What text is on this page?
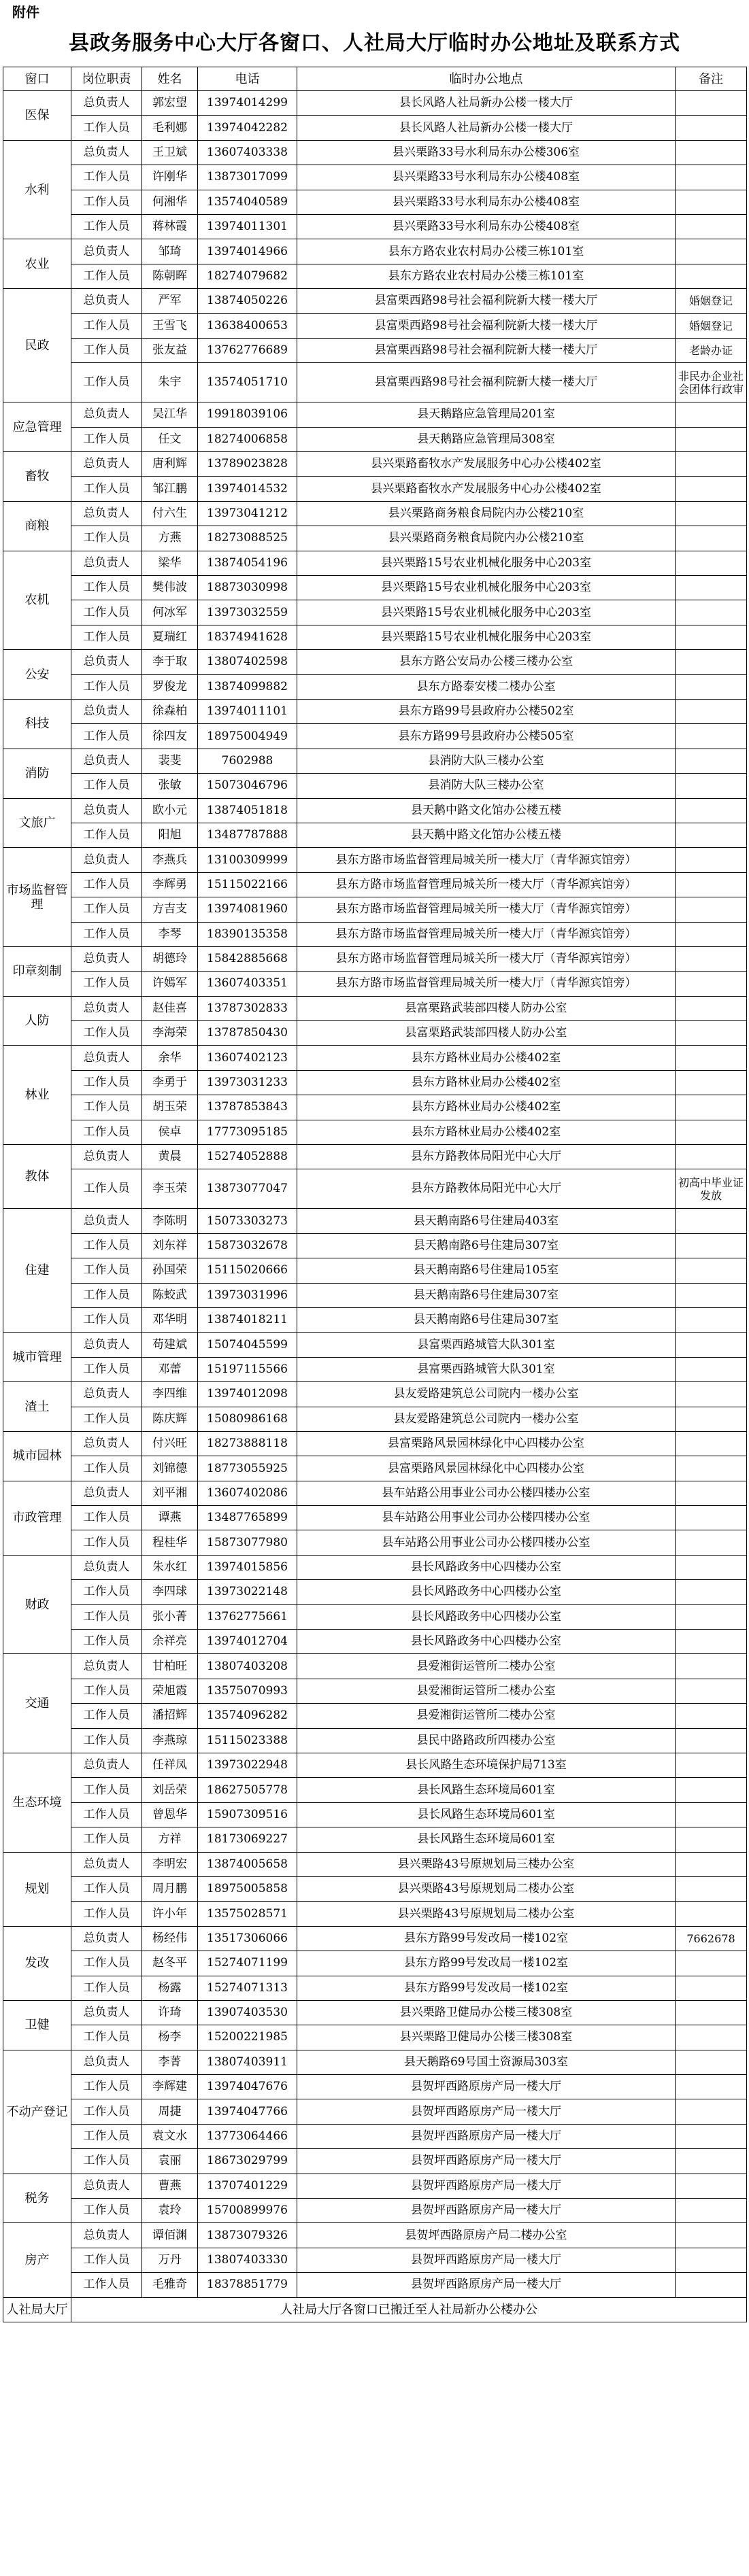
附件
县政务服务中心大厅各窗口、人社局大厅临时办公地址及联系方式
窗口	岗位职责	姓名	电话	临时办公地点	备注
医保	总负责人	郭宏望	13974014299	县长风路人社局新办公楼一楼大厅	
	工作人员	毛利娜	13974042282	县长风路人社局新办公楼一楼大厅	
水利	总负责人	王卫斌	13607403338	县兴栗路33号水利局东办公楼306室	
	工作人员	许刚华	13873017099	县兴栗路33号水利局东办公楼408室	
	工作人员	何湘华	13574040589	县兴栗路33号水利局东办公楼408室	
	工作人员	蒋林霞	13974011301	县兴栗路33号水利局东办公楼408室	
农业	总负责人	邹琦	13974014966	县东方路农业农村局办公楼三栋101室	
	工作人员	陈朝晖	18274079682	县东方路农业农村局办公楼三栋101室	
民政	总负责人	严军	13874050226	县富栗西路98号社会福利院新大楼一楼大厅	婚姻登记
	工作人员	王雪飞	13638400653	县富栗西路98号社会福利院新大楼一楼大厅	婚姻登记
	工作人员	张友益	13762776689	县富栗西路98号社会福利院新大楼一楼大厅	老龄办证
	工作人员	朱宇	13574051710	县富栗西路98号社会福利院新大楼一楼大厅	非民办企业社会团体行政审
应急管理	总负责人	吴江华	19918039106	县天鹅路应急管理局201室	
	工作人员	任文	18274006858	县天鹅路应急管理局308室	
畜牧	总负责人	唐利辉	13789023828	县兴栗路畜牧水产发展服务中心办公楼402室	
	工作人员	邹江鹏	13974014532	县兴栗路畜牧水产发展服务中心办公楼402室	
商粮	总负责人	付六生	13973041212	县兴栗路商务粮食局院内办公楼210室	
	工作人员	方燕	18273088525	县兴栗路商务粮食局院内办公楼210室	
农机	总负责人	梁华	13874054196	县兴栗路15号农业机械化服务中心203室	
	工作人员	樊伟波	18873030998	县兴栗路15号农业机械化服务中心203室	
	工作人员	何冰军	13973032559	县兴栗路15号农业机械化服务中心203室	
	工作人员	夏瑞红	18374941628	县兴栗路15号农业机械化服务中心203室	
公安	总负责人	李于取	13807402598	县东方路公安局办公楼三楼办公室	
	工作人员	罗俊龙	13874099882	县东方路泰安楼二楼办公室	
科技	总负责人	徐森柏	13974011101	县东方路99号县政府办公楼502室	
	工作人员	徐四友	18975004949	县东方路99号县政府办公楼505室	
消防	总负责人	裴斐	7602988	县消防大队三楼办公室	
	工作人员	张敏	15073046796	县消防大队三楼办公室	
文旅广	总负责人	欧小元	13874051818	县天鹅中路文化馆办公楼五楼	
	工作人员	阳旭	13487787888	县天鹅中路文化馆办公楼五楼	
市场监督管理	总负责人	李燕兵	13100309999	县东方路市场监督管理局城关所一楼大厅（青华源宾馆旁）	
	工作人员	李辉勇	15115022166	县东方路市场监督管理局城关所一楼大厅（青华源宾馆旁）	
	工作人员	方吉支	13974081960	县东方路市场监督管理局城关所一楼大厅（青华源宾馆旁）	
	工作人员	李琴	18390135358	县东方路市场监督管理局城关所一楼大厅（青华源宾馆旁）	
印章刻制	总负责人	胡德玲	15842885668	县东方路市场监督管理局城关所一楼大厅（青华源宾馆旁）	
	工作人员	许嫣军	13607403351	县东方路市场监督管理局城关所一楼大厅（青华源宾馆旁）	
人防	总负责人	赵佳喜	13787302833	县富栗路武装部四楼人防办公室	
	工作人员	李海荣	13787850430	县富栗路武装部四楼人防办公室	
林业	总负责人	余华	13607402123	县东方路林业局办公楼402室	
	工作人员	李勇于	13973031233	县东方路林业局办公楼402室	
	工作人员	胡玉荣	13787853843	县东方路林业局办公楼402室	
	工作人员	侯卓	17773095185	县东方路林业局办公楼402室	
教体	总负责人	黄晨	15274052888	县东方路教体局阳光中心大厅	
	工作人员	李玉荣	13873077047	县东方路教体局阳光中心大厅	初高中毕业证发放
住建	总负责人	李陈明	15073303273	县天鹅南路6号住建局403室	
	工作人员	刘东祥	15873032678	县天鹅南路6号住建局307室	
	工作人员	孙国荣	15115020666	县天鹅南路6号住建局105室	
	工作人员	陈蛟武	13973031996	县天鹅南路6号住建局307室	
	工作人员	邓华明	13874018211	县天鹅南路6号住建局307室	
城市管理	总负责人	苟建斌	15074045599	县富栗西路城管大队301室	
	工作人员	邓蕾	15197115566	县富栗西路城管大队301室	
渣土	总负责人	李四维	13974012098	县友爱路建筑总公司院内一楼办公室	
	工作人员	陈庆辉	15080986168	县友爱路建筑总公司院内一楼办公室	
城市园林	总负责人	付兴旺	18273888118	县富栗路风景园林绿化中心四楼办公室	
	工作人员	刘锦德	18773055925	县富栗路风景园林绿化中心四楼办公室	
市政管理	总负责人	刘平湘	13607402086	县车站路公用事业公司办公楼四楼办公室	
	工作人员	谭燕	13487765899	县车站路公用事业公司办公楼四楼办公室	
	工作人员	程桂华	15873077980	县车站路公用事业公司办公楼四楼办公室	
财政	总负责人	朱水红	13974015856	县长风路政务中心四楼办公室	
	工作人员	李四球	13973022148	县长风路政务中心四楼办公室	
	工作人员	张小菁	13762775661	县长风路政务中心四楼办公室	
	工作人员	余祥亮	13974012704	县长风路政务中心四楼办公室	
交通	总负责人	甘柏旺	13807403208	县爱湘街运管所二楼办公室	
	工作人员	荣旭霞	13575070993	县爱湘街运管所二楼办公室	
	工作人员	潘招辉	13574096282	县爱湘街运管所二楼办公室	
	工作人员	李燕琼	15115023388	县民中路路政所四楼办公室	
生态环境	总负责人	任祥凤	13973022948	县长风路生态环境保护局713室	
	工作人员	刘岳荣	18627505778	县长风路生态环境局601室	
	工作人员	曾恩华	15907309516	县长风路生态环境局601室	
	工作人员	方祥	18173069227	县长风路生态环境局601室	
规划	总负责人	李明宏	13874005658	县兴栗路43号原规划局三楼办公室	
	工作人员	周月鹏	18975005858	县兴栗路43号原规划局二楼办公室	
	工作人员	许小年	13575028571	县兴栗路43号原规划局二楼办公室	
发改	总负责人	杨经伟	13517306066	县东方路99号发改局一楼102室	7662678
	工作人员	赵冬平	15274071199	县东方路99号发改局一楼102室	
	工作人员	杨露	15274071313	县东方路99号发改局一楼102室	
卫健	总负责人	许琦	13907403530	县兴栗路卫健局办公楼三楼308室	
	工作人员	杨李	15200221985	县兴栗路卫健局办公楼三楼308室	
不动产登记	总负责人	李菁	13807403911	县天鹅路69号国土资源局303室	
	工作人员	李辉建	13974047676	县贺坪西路原房产局一楼大厅	
	工作人员	周捷	13974047766	县贺坪西路原房产局一楼大厅	
	工作人员	袁文水	13773064466	县贺坪西路原房产局一楼大厅	
	工作人员	袁丽	18673029799	县贺坪西路原房产局一楼大厅	
税务	总负责人	曹燕	13707401229	县贺坪西路原房产局一楼大厅	
	工作人员	袁玲	15700899976	县贺坪西路原房产局一楼大厅	
房产	总负责人	谭佰渊	13873079326	县贺坪西路原房产局二楼办公室	
	工作人员	万丹	13807403330	县贺坪西路原房产局一楼大厅	
	工作人员	毛雅奇	18378851779	县贺坪西路原房产局一楼大厅	
人社局大厅	人社局大厅各窗口已搬迁至人社局新办公楼办公				
